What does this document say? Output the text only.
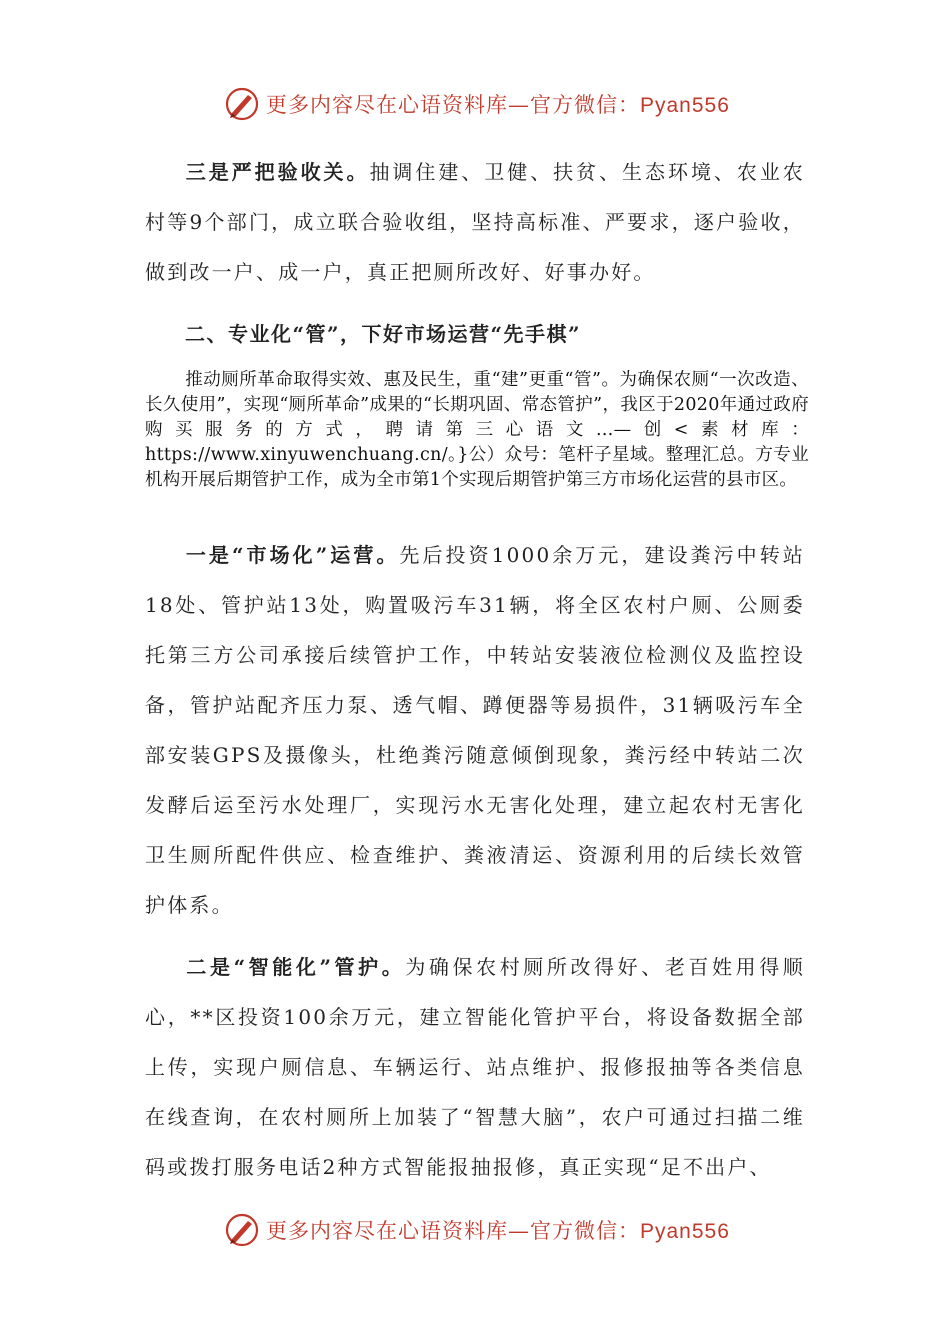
更多内容尽在心语资料库—官方微信：Pyan556

三是严把验收关。抽调住建、卫健、扶贫、生态环境、农业农村等9个部门，成立联合验收组，坚持高标准、严要求，逐户验收，做到改一户、成一户，真正把厕所改好、好事办好。

二、专业化“管”，下好市场运营“先手棋”

推动厕所革命取得实效、惠及民生，重“建”更重“管”。为确保农厕“一次改造、长久使用”，实现“厕所革命”成果的“长期巩固、常态管护”，我区于2020年通过政府购买服务的方式，聘请第三心语文…—创<素材库：https://www.xinyuwenchuang.cn/。}公）众号：笔杆子星域。整理汇总。方专业机构开展后期管护工作，成为全市第1个实现后期管护第三方市场化运营的县市区。

一是“市场化”运营。先后投资1000余万元，建设粪污中转站18处、管护站13处，购置吸污车31辆，将全区农村户厕、公厕委托第三方公司承接后续管护工作，中转站安装液位检测仪及监控设备，管护站配齐压力泵、透气帽、蹲便器等易损件，31辆吸污车全部安装GPS及摄像头，杜绝粪污随意倾倒现象，粪污经中转站二次发酵后运至污水处理厂，实现污水无害化处理，建立起农村无害化卫生厕所配件供应、检查维护、粪液清运、资源利用的后续长效管护体系。

二是“智能化”管护。为确保农村厕所改得好、老百姓用得顺心，**区投资100余万元，建立智能化管护平台，将设备数据全部上传，实现户厕信息、车辆运行、站点维护、报修报抽等各类信息在线查询，在农村厕所上加装了“智慧大脑”，农户可通过扫描二维码或拨打服务电话2种方式智能报抽报修，真正实现“足不出户、

更多内容尽在心语资料库—官方微信：Pyan556
